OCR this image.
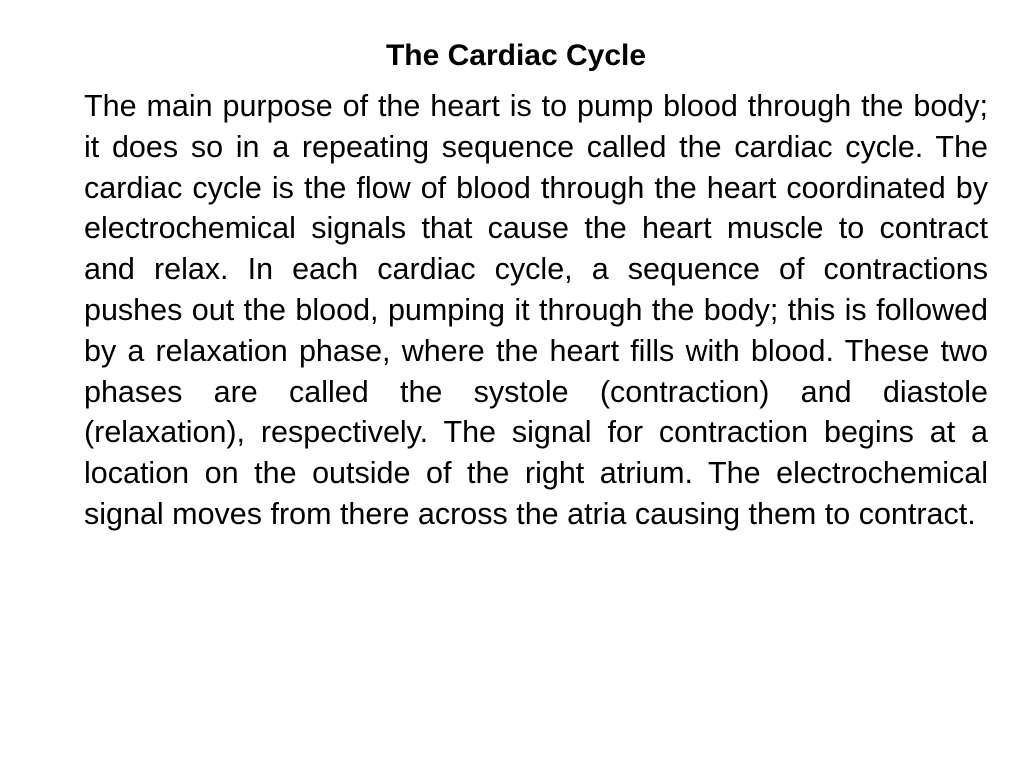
The Cardiac Cycle

The main purpose of the heart is to pump blood through the body; it does so in a repeating sequence called the cardiac cycle. The cardiac cycle is the flow of blood through the heart coordinated by electrochemical signals that cause the heart muscle to contract and relax. In each cardiac cycle, a sequence of contractions pushes out the blood, pumping it through the body; this is followed by a relaxation phase, where the heart fills with blood. These two phases are called the systole (contraction) and diastole (relaxation), respectively. The signal for contraction begins at a location on the outside of the right atrium. The electrochemical signal moves from there across the atria causing them to contract.
